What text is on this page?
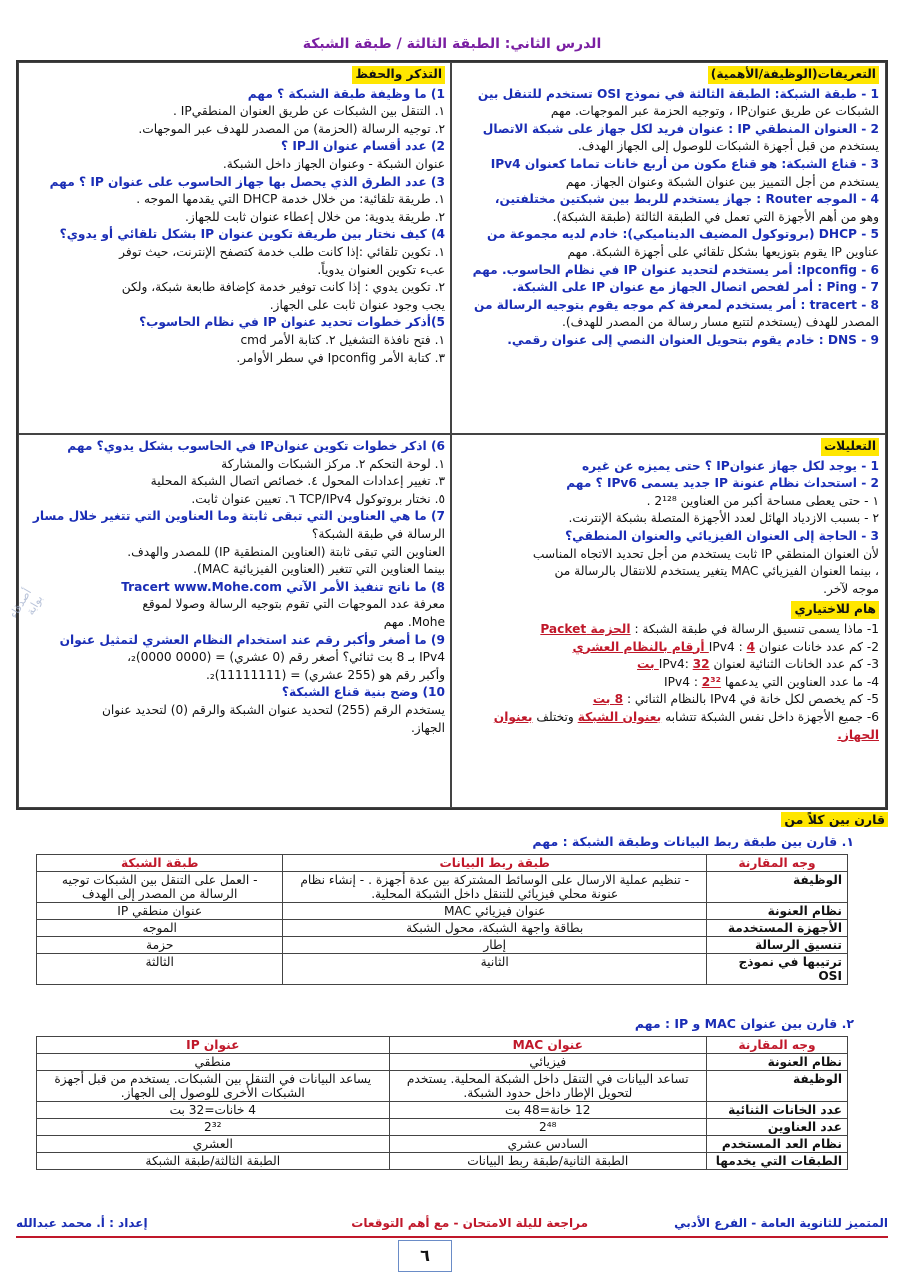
الدرس الثاني: الطبقة الثالثة / طبقة الشبكة
التعريفات(الوظيفة/الأهمية)

1 - طبقة الشبكة: الطبقة الثالثة في نموذج OSI تستخدم للتنقل بين

الشبكات عن طريق عنوانIP ، وتوجيه الحزمة عبر الموجهات. مهم

2 - العنوان المنطقي IP : عنوان فريد لكل جهاز على شبكة الاتصال

يستخدم من قبل أجهزة الشبكات للوصول إلى الجهاز الهدف.

3 - قناع الشبكة: هو قناع مكون من أربع خانات تماما كعنوان IPv4

يستخدم من أجل التمييز بين عنوان الشبكة وعنوان الجهاز. مهم

4 - الموجه Router : جهاز يستخدم للربط بين شبكتين مختلفتين،

وهو من أهم الأجهزة التي تعمل في الطبقة الثالثة (طبقة الشبكة).

5 - DHCP (بروتوكول المضيف الديناميكي): خادم لديه مجموعة من

عناوين IP يقوم بتوزيعها بشكل تلقائي على أجهزة الشبكة. مهم

6 - Ipconfig: أمر يستخدم لتحديد عنوان IP في نظام الحاسوب. مهم

7 - Ping : أمر لفحص اتصال الجهاز مع عنوان IP على الشبكة.

8 - tracert : أمر يستخدم لمعرفة كم موجه يقوم بتوجيه الرسالة من

المصدر للهدف (يستخدم لتتبع مسار رسالة من المصدر للهدف).

9 - DNS : خادم يقوم بتحويل العنوان النصي إلى عنوان رقمي.

التذكر والحفظ

1) ما وظيفة طبقة الشبكة ؟ مهم

١. التنقل بين الشبكات عن طريق العنوان المنطقيIP .

٢. توجيه الرسالة (الحزمة) من المصدر للهدف عبر الموجهات.

2) عدد أقسام عنوان الـIP ؟

عنوان الشبكة - وعنوان الجهاز داخل الشبكة.

3) عدد الطرق الذي يحصل بها جهاز الحاسوب على عنوان IP ؟ مهم

١. طريقة تلقائية: من خلال خدمة DHCP التي يقدمها الموجه .

٢. طريقة يدوية: من خلال إعطاء عنوان ثابت للجهاز.

4) كيف نختار بين طريقة تكوين عنوان IP بشكل تلقائي أو يدوي؟

١. تكوين تلقائي :إذا كانت طلب خدمة كتصفح الإنترنت، حيث توفر

عبء تكوين العنوان يدوياً.

٢. تكوين يدوي : إذا كانت توفير خدمة كإضافة طابعة شبكة، ولكن

يجب وجود عنوان ثابت على الجهاز.

5)أذكر خطوات تحديد عنوان IP في نظام الحاسوب؟

١. فتح نافذة التشغيل ٢. كتابة الأمر cmd

٣. كتابة الأمر Ipconfig في سطر الأوامر.

التعليلات

1 - يوجد لكل جهاز عنوانIP ؟ حتى يميزه عن غيره

2 - استحداث نظام عنونة IP جديد يسمى IPv6 ؟ مهم

١ - حتى يعطى مساحة أكبر من العناوين 2¹²⁸ .

٢ - بسبب الازدياد الهائل لعدد الأجهزة المتصلة بشبكة الإنترنت.

3 - الحاجة إلى العنوان الفيزيائي والعنوان المنطقي؟

لأن العنوان المنطقي IP ثابت يستخدم من أجل تحديد الاتجاه المناسب

، بينما العنوان الفيزيائي MAC يتغير يستخدم للانتقال بالرسالة من

موجه لآخر.

هام للاختياري

1- ماذا يسمى تنسيق الرسالة في طبقة الشبكة : الحزمة Packet

2- كم عدد خانات عنوان IPv4 : 4 أرقام بالنظام العشري

3- كم عدد الخانات الثنائية لعنوان IPv4: 32 بت

4- ما عدد العناوين التي يدعمها IPv4 : 2³²

5- كم يخصص لكل خانة في IPv4 بالنظام الثنائي : 8 بت

6- جميع الأجهزة داخل نفس الشبكة تتشابه بعنوان الشبكة وتختلف بعنوان الجهاز.

6) اذكر خطوات تكوين عنوانIP في الحاسوب بشكل يدوي؟ مهم

١. لوحة التحكم ٢. مركز الشبكات والمشاركة

٣. تغيير إعدادات المحول ٤. خصائص اتصال الشبكة المحلية

٥. نختار بروتوكول TCP/IPv4 ٦. تعيين عنوان ثابت.

7) ما هي العناوين التي تبقى ثابتة وما العناوين التي تتغير خلال مسار

الرسالة في طبقة الشبكة؟

العناوين التي تبقى ثابتة (العناوين المنطقية IP) للمصدر والهدف.

بينما العناوين التي تتغير (العناوين الفيزيائية MAC).

8) ما ناتج تنفيذ الأمر الآتي Tracert www.Mohe.com

معرفة عدد الموجهات التي تقوم بتوجيه الرسالة وصولا لموقع

Mohe. مهم

9) ما أصغر وأكبر رقم عند استخدام النظام العشري لتمثيل عنوان

IPv4 بـ 8 بت ثنائي؟ أصغر رقم (0 عشري) = (0000 0000)₂،

وأكبر رقم هو (255 عشري) = (11111111)₂.

10) وضح بنية قناع الشبكة؟

يستخدم الرقم (255) لتحديد عنوان الشبكة والرقم (0) لتحديد عنوان

الجهاز.

أصدقاء بوابة
قارن بين كلاً من
١. قارن بين طبقة ربط البيانات وطبقة الشبكة : مهم
وجه المقارنة	طبقة ربط البيانات	طبقة الشبكة
الوظيفة	- تنظيم عملية الارسال على الوسائط المشتركة بين عدة أجهزة . - إنشاء نظام عنونة محلي فيزيائي للتنقل داخل الشبكة المحلية.	- العمل على التنقل بين الشبكات توجيه الرسالة من المصدر إلى الهدف
نظام العنونة	عنوان فيزيائي MAC	عنوان منطقي IP
الأجهزة المستخدمة	بطاقة واجهة الشبكة، محول الشبكة	الموجه
تنسيق الرسالة	إطار	حزمة
ترتيبها في نموذج OSI	الثانية	الثالثة
٢. قارن بين عنوان MAC و IP : مهم
وجه المقارنة	عنوان MAC	عنوان IP
نظام العنونة	فيزيائي	منطقي
الوظيفة	تساعد البيانات في التنقل داخل الشبكة المحلية. يستخدم لتحويل الإطار داخل حدود الشبكة.	يساعد البيانات في التنقل بين الشبكات. يستخدم من قبل أجهزة الشبكات الأخرى للوصول إلى الجهاز.
عدد الخانات الثنائية	12 خانة=48 بت	4 خانات=32 بت
عدد العناوين	2⁴⁸	2³²
نظام العد المستخدم	السادس عشري	العشري
الطبقات التي يخدمها	الطبقة الثانية/طبقة ربط البيانات	الطبقة الثالثة/طبقة الشبكة
المتميز للثانوية العامة - الفرع الأدبي
مراجعة لليلة الامتحان - مع أهم التوقعات
إعداد : أ. محمد عبدالله
٦
